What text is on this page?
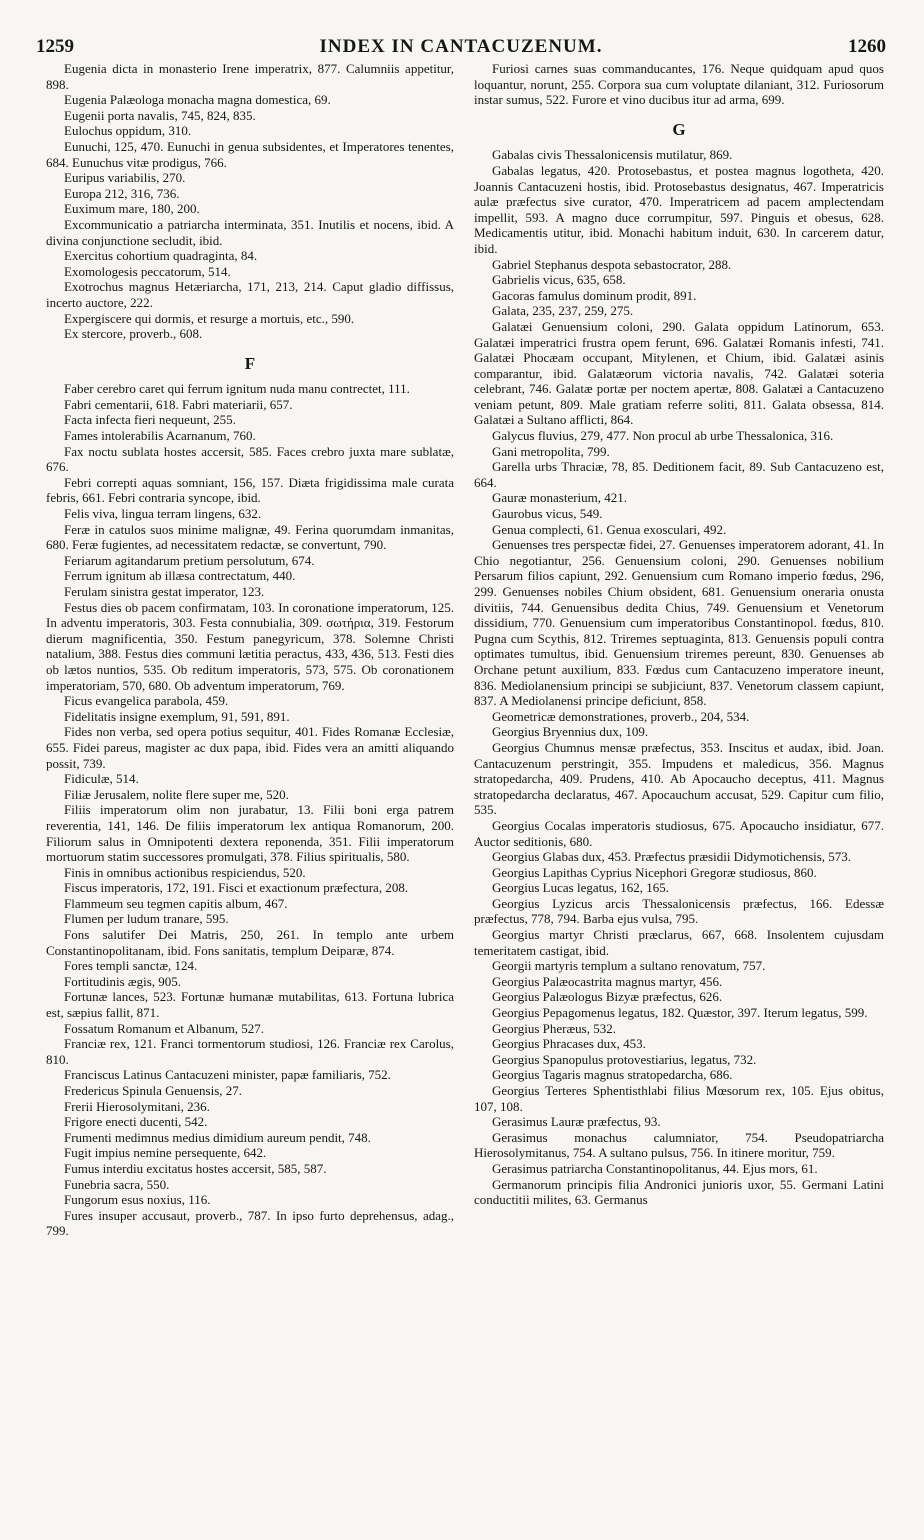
1259	INDEX IN CANTACUZENUM.	1260

Eugenia dicta in monasterio Irene imperatrix, 877. Calumniis appetitur, 898.

Eugenia Palæologa monacha magna domestica, 69.

Eugenii porta navalis, 745, 824, 835.

Eulochus oppidum, 310.

Eunuchi, 125, 470. Eunuchi in genua subsidentes, et Imperatores tenentes, 684. Eunuchus vitæ prodigus, 766.

Euripus variabilis, 270.

Europa 212, 316, 736.

Euximum mare, 180, 200.

Excommunicatio a patriarcha interminata, 351. Inutilis et nocens, ibid. A divina conjunctione secludit, ibid.

Exercitus cohortium quadraginta, 84.

Exomologesis peccatorum, 514.

Exotrochus magnus Hetæriarcha, 171, 213, 214. Caput gladio diffissus, incerto auctore, 222.

Expergiscere qui dormis, et resurge a mortuis, etc., 590.

Ex stercore, proverb., 608.

F

Faber cerebro caret qui ferrum ignitum nuda manu contrectet, 111.

Fabri cementarii, 618. Fabri materiarii, 657.

Facta infecta fieri nequeunt, 255.

Fames intolerabilis Acarnanum, 760.

Fax noctu sublata hostes accersit, 585. Faces crebro juxta mare sublatæ, 676.

Febri correpti aquas somniant, 156, 157. Diæta frigidissima male curata febris, 661. Febri contraria syncope, ibid.

Felis viva, lingua terram lingens, 632.

Feræ in catulos suos minime malignæ, 49. Ferina quorumdam inmanitas, 680. Feræ fugientes, ad necessitatem redactæ, se convertunt, 790.

Feriarum agitandarum pretium persolutum, 674.

Ferrum ignitum ab illæsa contrectatum, 440.

Ferulam sinistra gestat imperator, 123.

Festus dies ob pacem confirmatam, 103. In coronatione imperatorum, 125. In adventu imperatoris, 303. Festa connubialia, 309. σωτήρια, 319. Festorum dierum magnificentia, 350. Festum panegyricum, 378. Solemne Christi natalium, 388. Festus dies communi lætitia peractus, 433, 436, 513. Festi dies ob lætos nuntios, 535. Ob reditum imperatoris, 573, 575. Ob coronationem imperatoriam, 570, 680. Ob adventum imperatorum, 769.

Ficus evangelica parabola, 459.

Fidelitatis insigne exemplum, 91, 591, 891.

Fides non verba, sed opera potius sequitur, 401. Fides Romanæ Ecclesiæ, 655. Fidei pareus, magister ac dux papa, ibid. Fides vera an amitti aliquando possit, 739.

Fidiculæ, 514.

Filiæ Jerusalem, nolite flere super me, 520.

Filiis imperatorum olim non jurabatur, 13. Filii boni erga patrem reverentia, 141, 146. De filiis imperatorum lex antiqua Romanorum, 200. Filiorum salus in Omnipotenti dextera reponenda, 351. Filii imperatorum mortuorum statim successores promulgati, 378. Filius spiritualis, 580.

Finis in omnibus actionibus respiciendus, 520.

Fiscus imperatoris, 172, 191. Fisci et exactionum præfectura, 208.

Flammeum seu tegmen capitis album, 467.

Flumen per ludum tranare, 595.

Fons salutifer Dei Matris, 250, 261. In templo ante urbem Constantinopolitanam, ibid. Fons sanitatis, templum Deiparæ, 874.

Fores templi sanctæ, 124.

Fortitudinis ægis, 905.

Fortunæ lances, 523. Fortunæ humanæ mutabilitas, 613. Fortuna lubrica est, sæpius fallit, 871.

Fossatum Romanum et Albanum, 527.

Franciæ rex, 121. Franci tormentorum studiosi, 126. Franciæ rex Carolus, 810.

Franciscus Latinus Cantacuzeni minister, papæ familiaris, 752.

Fredericus Spinula Genuensis, 27.

Frerii Hierosolymitani, 236.

Frigore enecti ducenti, 542.

Frumenti medimnus medius dimidium aureum pendit, 748.

Fugit impius nemine persequente, 642.

Fumus interdiu excitatus hostes accersit, 585, 587.

Funebria sacra, 550.

Fungorum esus noxius, 116.

Fures insuper accusaut, proverb., 787. In ipso furto deprehensus, adag., 799.

Furiosi carnes suas commanducantes, 176. Neque quidquam apud quos loquantur, norunt, 255. Corpora sua cum voluptate dilaniant, 312. Furiosorum instar sumus, 522. Furore et vino ducibus itur ad arma, 699.

G

Gabalas civis Thessalonicensis mutilatur, 869.

Gabalas legatus, 420. Protosebastus, et postea magnus logotheta, 420. Joannis Cantacuzeni hostis, ibid. Protosebastus designatus, 467. Imperatricis aulæ præfectus sive curator, 470. Imperatricem ad pacem amplectendam impellit, 593. A magno duce corrumpitur, 597. Pinguis et obesus, 628. Medicamentis utitur, ibid. Monachi habitum induit, 630. In carcerem datur, ibid.

Gabriel Stephanus despota sebastocrator, 288.

Gabrielis vicus, 635, 658.

Gacoras famulus dominum prodit, 891.

Galata, 235, 237, 259, 275.

Galatæi Genuensium coloni, 290. Galata oppidum Latinorum, 653. Galatæi imperatrici frustra opem ferunt, 696. Galatæi Romanis infesti, 741. Galatæi Phocæam occupant, Mitylenen, et Chium, ibid. Galatæi asinis comparantur, ibid. Galatæorum victoria navalis, 742. Galatæi soteria celebrant, 746. Galatæ portæ per noctem apertæ, 808. Galatæi a Cantacuzeno veniam petunt, 809. Male gratiam referre soliti, 811. Galata obsessa, 814. Galatæi a Sultano afflicti, 864.

Galycus fluvius, 279, 477. Non procul ab urbe Thessalonica, 316.

Gani metropolita, 799.

Garella urbs Thraciæ, 78, 85. Deditionem facit, 89. Sub Cantacuzeno est, 664.

Gauræ monasterium, 421.

Gaurobus vicus, 549.

Genua complecti, 61. Genua exosculari, 492.

Genuenses tres perspectæ fidei, 27. Genuenses imperatorem adorant, 41. In Chio negotiantur, 256. Genuensium coloni, 290. Genuenses nobilium Persarum filios capiunt, 292. Genuensium cum Romano imperio fœdus, 296, 299. Genuenses nobiles Chium obsident, 681. Genuensium oneraria onusta divitiis, 744. Genuensibus dedita Chius, 749. Genuensium et Venetorum dissidium, 770. Genuensium cum imperatoribus Constantinopol. fœdus, 810. Pugna cum Scythis, 812. Triremes septuaginta, 813. Genuensis populi contra optimates tumultus, ibid. Genuensium triremes pereunt, 830. Genuenses ab Orchane petunt auxilium, 833. Fœdus cum Cantacuzeno imperatore ineunt, 836. Mediolanensium principi se subjiciunt, 837. Venetorum classem capiunt, 837. A Mediolanensi principe deficiunt, 858.

Geometricæ demonstrationes, proverb., 204, 534.

Georgius Bryennius dux, 109.

Georgius Chumnus mensæ præfectus, 353. Inscitus et audax, ibid. Joan. Cantacuzenum perstringit, 355. Impudens et maledicus, 356. Magnus stratopedarcha, 409. Prudens, 410. Ab Apocaucho deceptus, 411. Magnus stratopedarcha declaratus, 467. Apocauchum accusat, 529. Capitur cum filio, 535.

Georgius Cocalas imperatoris studiosus, 675. Apocaucho insidiatur, 677. Auctor seditionis, 680.

Georgius Glabas dux, 453. Præfectus præsidii Didymotichensis, 573.

Georgius Lapithas Cyprius Nicephori Gregoræ studiosus, 860.

Georgius Lucas legatus, 162, 165.

Georgius Lyzicus arcis Thessalonicensis præfectus, 166. Edessæ præfectus, 778, 794. Barba ejus vulsa, 795.

Georgius martyr Christi præclarus, 667, 668. Insolentem cujusdam temeritatem castigat, ibid.

Georgii martyris templum a sultano renovatum, 757.

Georgius Palæocastrita magnus martyr, 456.

Georgius Palæologus Bizyæ præfectus, 626.

Georgius Pepagomenus legatus, 182. Quæstor, 397. Iterum legatus, 599.

Georgius Pheræus, 532.

Georgius Phracases dux, 453.

Georgius Spanopulus protovestiarius, legatus, 732.

Georgius Tagaris magnus stratopedarcha, 686.

Georgius Terteres Sphentisthlabi filius Mœsorum rex, 105. Ejus obitus, 107, 108.

Gerasimus Lauræ præfectus, 93.

Gerasimus monachus calumniator, 754. Pseudopatriarcha Hierosolymitanus, 754. A sultano pulsus, 756. In itinere moritur, 759.

Gerasimus patriarcha Constantinopolitanus, 44. Ejus mors, 61.

Germanorum principis filia Andronici junioris uxor, 55. Germani Latini conductitii milites, 63. Germanus
